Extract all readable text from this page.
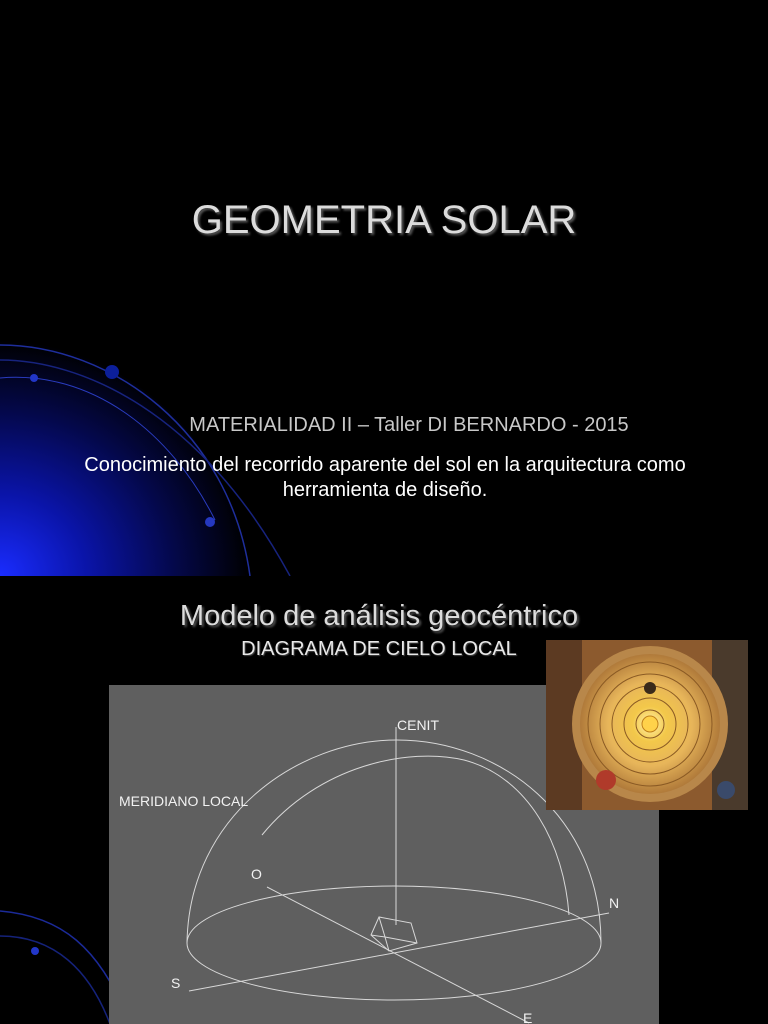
GEOMETRIA SOLAR
MATERIALIDAD II – Taller DI BERNARDO - 2015
Conocimiento del recorrido aparente del sol en la arquitectura como herramienta de diseño.
Modelo de análisis geocéntrico
DIAGRAMA DE CIELO LOCAL
CENIT
MERIDIANO LOCAL
O
N
S
E
